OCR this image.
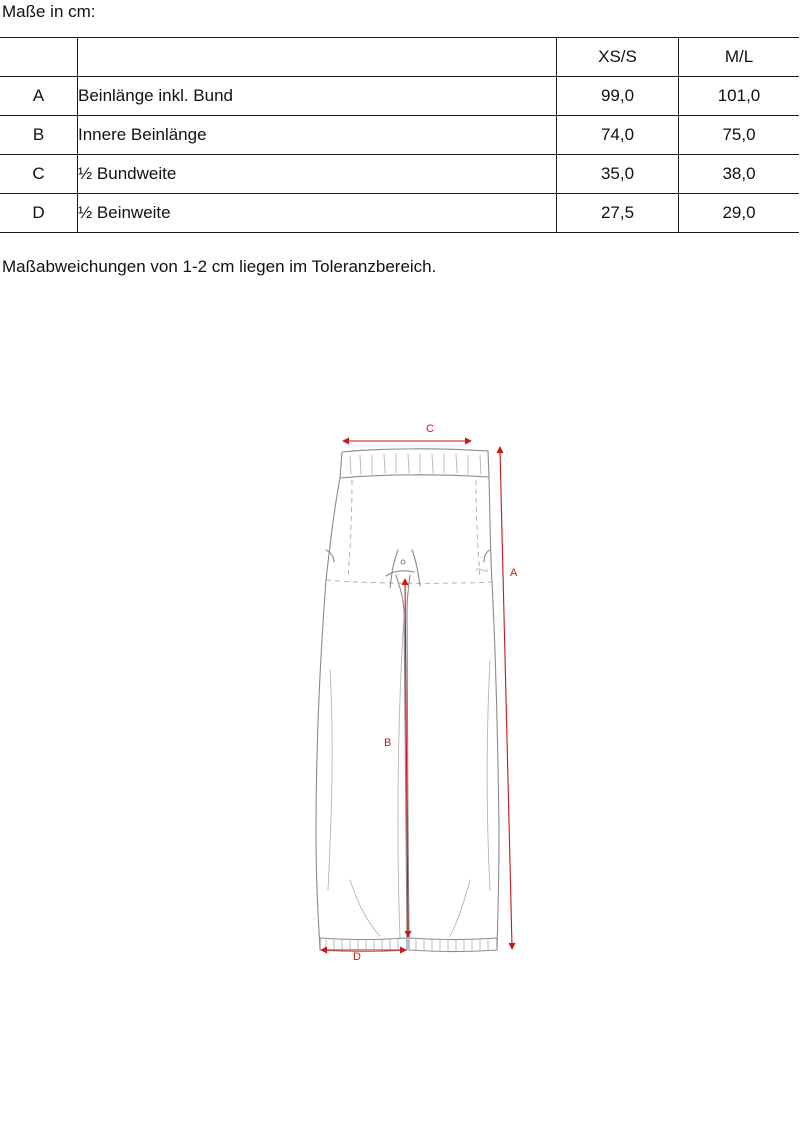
Maße in cm:
		XS/S	M/L
A	Beinlänge inkl. Bund	99,0	101,0
B	Innere Beinlänge	74,0	75,0
C	½ Bundweite	35,0	38,0
D	½ Beinweite	27,5	29,0
Maßabweichungen von 1-2 cm liegen im Toleranzbereich.
C
A
B
D
